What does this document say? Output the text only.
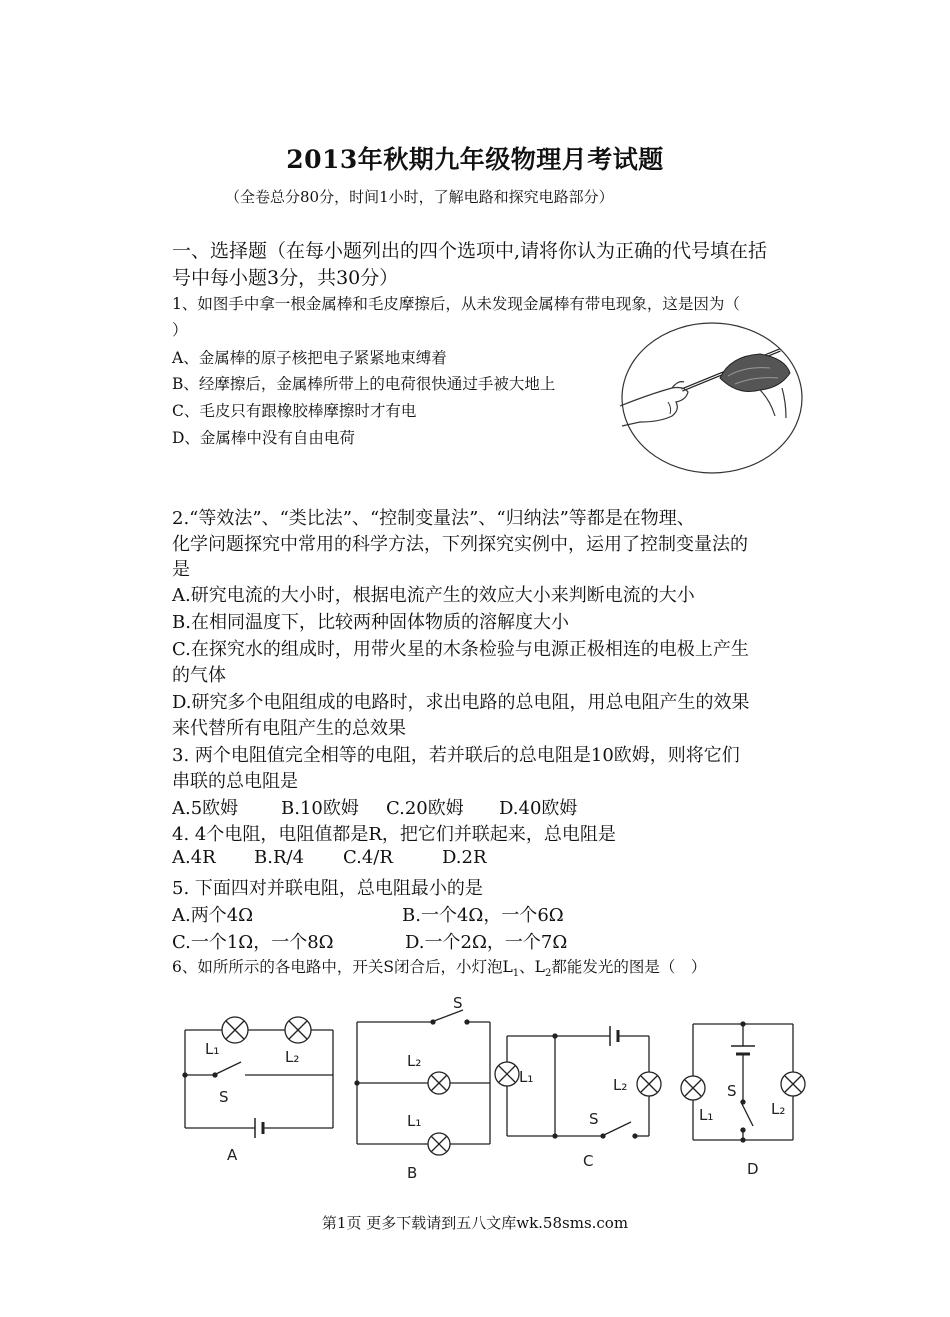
2013年秋期九年级物理月考试题
（全卷总分80分，时间1小时，了解电路和探究电路部分）
一、选择题（在每小题列出的四个选项中,请将你认为正确的代号填在括
号中每小题3分，共30分）
1、如图手中拿一根金属棒和毛皮摩擦后，从未发现金属棒有带电现象，这是因为（
）
A、金属棒的原子核把电子紧紧地束缚着
B、经摩擦后，金属棒所带上的电荷很快通过手被大地上
C、毛皮只有跟橡胶棒摩擦时才有电
D、金属棒中没有自由电荷
2.“等效法”、“类比法”、“控制变量法”、“归纳法”等都是在物理、
化学问题探究中常用的科学方法，下列探究实例中，运用了控制变量法的
是
A.研究电流的大小时，根据电流产生的效应大小来判断电流的大小
B.在相同温度下，比较两种固体物质的溶解度大小
C.在探究水的组成时，用带火星的木条检验与电源正极相连的电极上产生
的气体
D.研究多个电阻组成的电路时，求出电路的总电阻，用总电阻产生的效果
来代替所有电阻产生的总效果
3. 两个电阻值完全相等的电阻，若并联后的总电阻是10欧姆，则将它们
串联的总电阻是
A.5欧姆 B.10欧姆 C.20欧姆 D.40欧姆
4. 4个电阻，电阻值都是R，把它们并联起来，总电阻是
A.4R B.R/4 C.4/R	D.2R
5. 下面四对并联电阻，总电阻最小的是
A.两个4Ω	B.一个4Ω，一个6Ω
C.一个1Ω，一个8Ω	D.一个2Ω，一个7Ω
6、如所所示的各电路中，开关S闭合后，小灯泡$L_1$、$L_2$都能发光的图是（　）
L₁	L₂
S
A
S
L₂
L₁
B
L₁	L₂
S
C
L₁	L₂
S
D
第1页 更多下载请到五八文库wk.58sms.com
